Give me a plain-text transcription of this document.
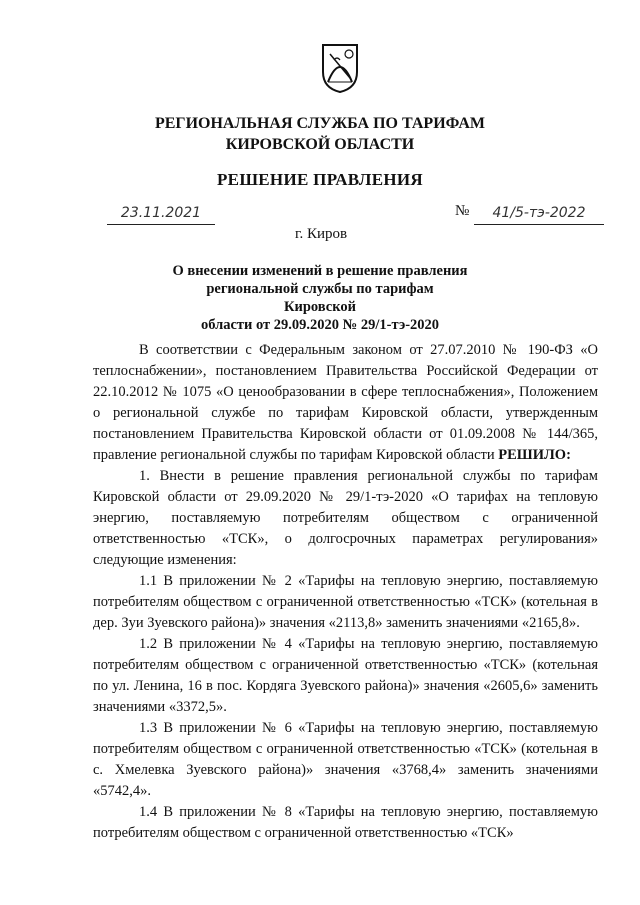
РЕГИОНАЛЬНАЯ СЛУЖБА ПО ТАРИФАМ
КИРОВСКОЙ ОБЛАСТИ
РЕШЕНИЕ ПРАВЛЕНИЯ
23.11.2021	№	41/5-тэ-2022
г. Киров
О внесении изменений в решение правления
региональной службы по тарифам Кировской
области от 29.09.2020 № 29/1-тэ-2020

В соответствии с Федеральным законом от 27.07.2010 № 190-ФЗ «О теплоснабжении», постановлением Правительства Российской Федерации от 22.10.2012 № 1075 «О ценообразовании в сфере теплоснабжения», Положением о региональной службе по тарифам Кировской области, утвержденным постановлением Правительства Кировской области от 01.09.2008 № 144/365, правление региональной службы по тарифам Кировской области РЕШИЛО:

1. Внести в решение правления региональной службы по тарифам Кировской области от 29.09.2020 № 29/1-тэ-2020 «О тарифах на тепловую энергию, поставляемую потребителям обществом с ограниченной ответственностью «ТСК», о долгосрочных параметрах регулирования» следующие изменения:

1.1 В приложении № 2 «Тарифы на тепловую энергию, поставляемую потребителям обществом с ограниченной ответственностью «ТСК» (котельная в дер. Зуи Зуевского района)» значения «2113,8» заменить значениями «2165,8».

1.2 В приложении № 4 «Тарифы на тепловую энергию, поставляемую потребителям обществом с ограниченной ответственностью «ТСК» (котельная по ул. Ленина, 16 в пос. Кордяга Зуевского района)» значения «2605,6» заменить значениями «3372,5».

1.3 В приложении № 6 «Тарифы на тепловую энергию, поставляемую потребителям обществом с ограниченной ответственностью «ТСК» (котельная в с. Хмелевка Зуевского района)» значения «3768,4» заменить значениями «5742,4».

1.4 В приложении № 8 «Тарифы на тепловую энергию, поставляемую потребителям обществом с ограниченной ответственностью «ТСК»
